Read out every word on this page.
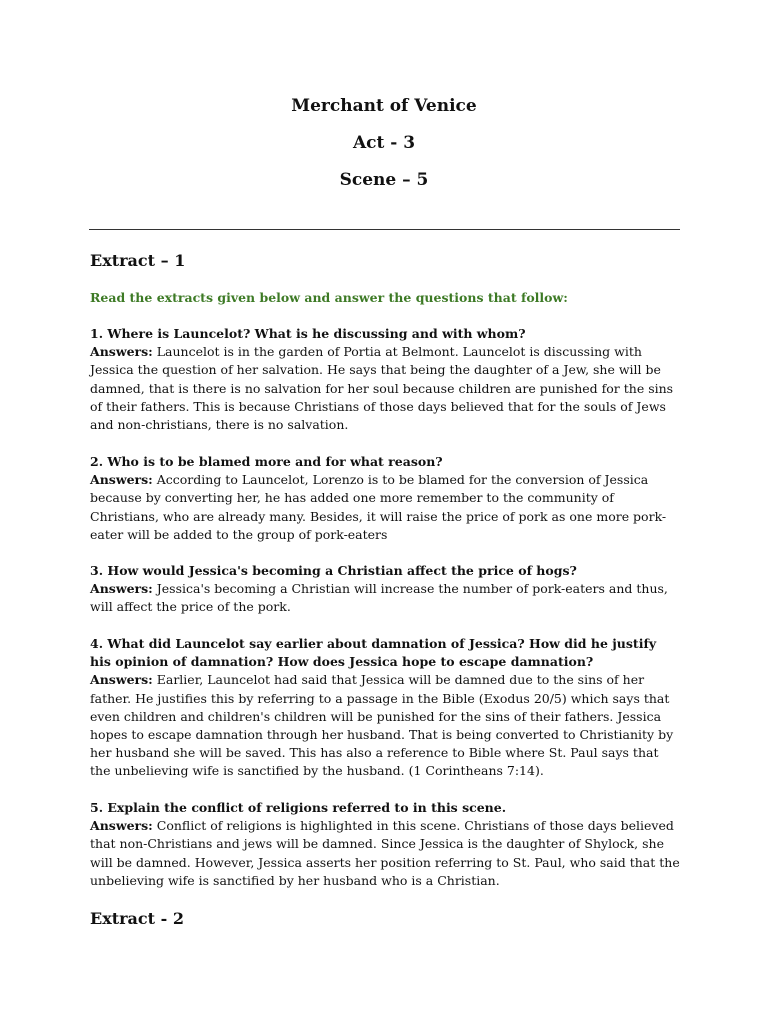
Merchant of Venice
Act - 3
Scene – 5
Extract – 1
Read the extracts given below and answer the questions that follow:

1. Where is Launcelot? What is he discussing and with whom?

Answers: Launcelot is in the garden of Portia at Belmont. Launcelot is discussing with Jessica the question of her salvation. He says that being the daughter of a Jew, she will be damned, that is there is no salvation for her soul because children are punished for the sins of their fathers. This is because Christians of those days believed that for the souls of Jews and non-christians, there is no salvation.

2. Who is to be blamed more and for what reason?

Answers: According to Launcelot, Lorenzo is to be blamed for the conversion of Jessica because by converting her, he has added one more remember to the community of Christians, who are already many. Besides, it will raise the price of pork as one more pork-eater will be added to the group of pork-eaters

3. How would Jessica's becoming a Christian affect the price of hogs?

Answers: Jessica's becoming a Christian will increase the number of pork-eaters and thus, will affect the price of the pork.

4. What did Launcelot say earlier about damnation of Jessica? How did he justify his opinion of damnation? How does Jessica hope to escape damnation?

Answers: Earlier, Launcelot had said that Jessica will be damned due to the sins of her father. He justifies this by referring to a passage in the Bible (Exodus 20/5) which says that even children and children's children will be punished for the sins of their fathers. Jessica hopes to escape damnation through her husband. That is being converted to Christianity by her husband she will be saved. This has also a reference to Bible where St. Paul says that the unbelieving wife is sanctified by the husband. (1 Corintheans 7:14).

5. Explain the conflict of religions referred to in this scene.

Answers: Conflict of religions is highlighted in this scene. Christians of those days believed that non-Christians and jews will be damned. Since Jessica is the daughter of Shylock, she will be damned. However, Jessica asserts her position referring to St. Paul, who said that the unbelieving wife is sanctified by her husband who is a Christian.

Extract - 2
